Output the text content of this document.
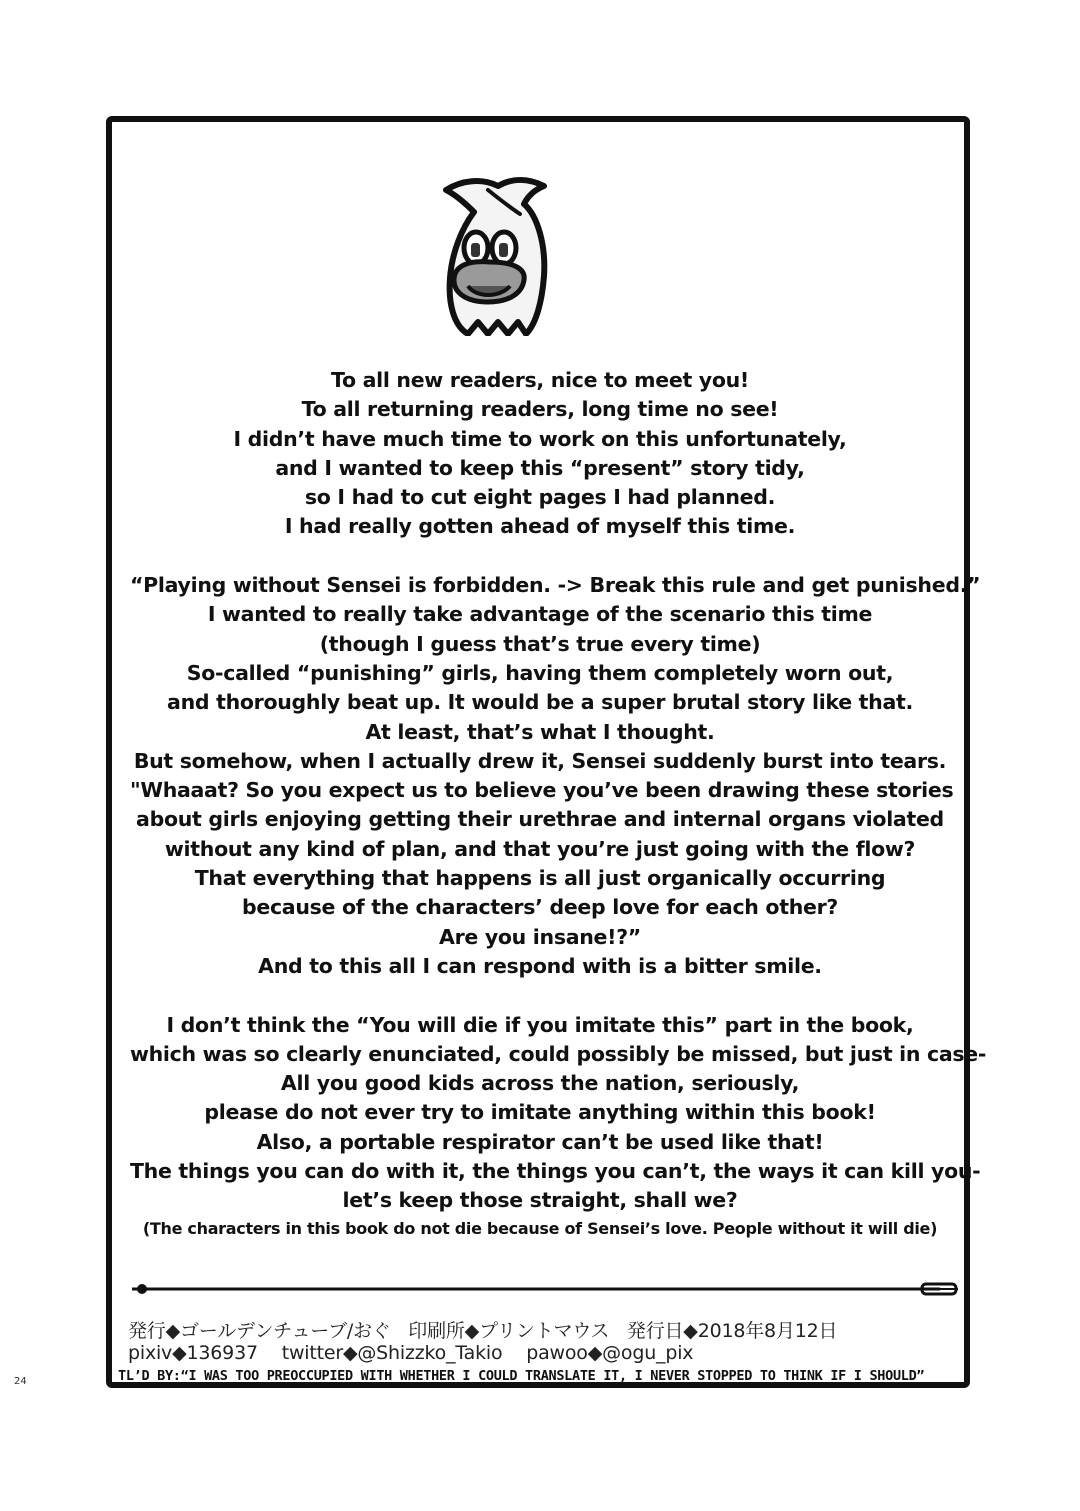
To all new readers, nice to meet you!
To all returning readers, long time no see!
I didn’t have much time to work on this unfortunately,
and I wanted to keep this “present” story tidy,
so I had to cut eight pages I had planned.
I had really gotten ahead of myself this time.
“Playing without Sensei is forbidden. -> Break this rule and get punished.”
I wanted to really take advantage of the scenario this time
(though I guess that’s true every time)
So-called “punishing” girls, having them completely worn out,
and thoroughly beat up. It would be a super brutal story like that.
At least, that’s what I thought.
But somehow, when I actually drew it, Sensei suddenly burst into tears.
"Whaaat? So you expect us to believe you’ve been drawing these stories
about girls enjoying getting their urethrae and internal organs violated
without any kind of plan, and that you’re just going with the flow?
That everything that happens is all just organically occurring
because of the characters’ deep love for each other?
Are you insane!?”
And to this all I can respond with is a bitter smile.
I don’t think the “You will die if you imitate this” part in the book,
which was so clearly enunciated, could possibly be missed, but just in case-
All you good kids across the nation, seriously,
please do not ever try to imitate anything within this book!
Also, a portable respirator can’t be used like that!
The things you can do with it, the things you can’t, the ways it can kill you-
let’s keep those straight, shall we?
(The characters in this book do not die because of Sensei’s love. People without it will die)
発行◆ゴールデンチューブ/おぐ 印刷所◆プリントマウス 発行日◆2018年8月12日
pixiv◆136937 twitter◆@Shizzko_Takio pawoo◆@ogu_pix
TL’D BY:“I WAS TOO PREOCCUPIED WITH WHETHER I COULD TRANSLATE IT, I NEVER STOPPED TO THINK IF I SHOULD”
24
